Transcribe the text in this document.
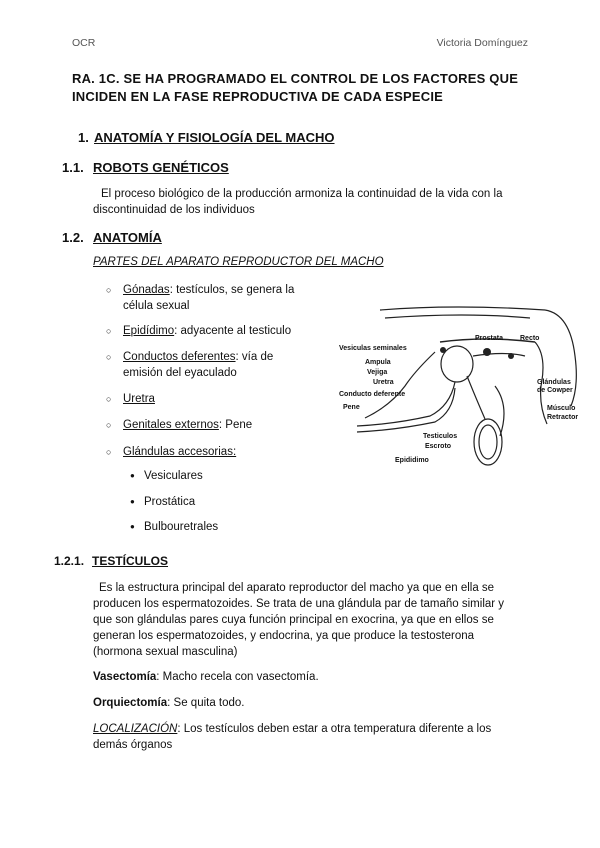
OCR	Victoria Domínguez
RA. 1C. SE HA PROGRAMADO EL CONTROL DE LOS FACTORES QUE INCIDEN EN LA FASE REPRODUCTIVA DE CADA ESPECIE
1. ANATOMÍA Y FISIOLOGÍA DEL MACHO
1.1. ROBOTS GENÉTICOS
El proceso biológico de la producción armoniza la continuidad de la vida con la discontinuidad de los individuos
1.2. ANATOMÍA
PARTES DEL APARATO REPRODUCTOR DEL MACHO
○ Gónadas: testículos, se genera la célula sexual
○ Epidídimo: adyacente al testiculo
○ Conductos deferentes: vía de emisión del eyaculado
○ Uretra
○ Genitales externos: Pene
○ Glándulas accesorias:
● Vesiculares
● Prostática
● Bulbouretrales
Vesiculas seminales
Prostata Recto
Ampula
Vejiga
Uretra
Conducto deferente
Pene
Testiculos
Escroto
Epididimo
Glándulas
de Cowper
Músculo
Retractor
1.2.1. TESTÍCULOS
Es la estructura principal del aparato reproductor del macho ya que en ella se producen los espermatozoides. Se trata de una glándula par de tamaño similar y que son glándulas pares cuya función principal en exocrina, ya que en ellos se generan los espermatozoides, y endocrina, ya que produce la testosterona (hormona sexual masculina)
Vasectomía: Macho recela con vasectomía.
Orquiectomía: Se quita todo.
LOCALIZACIÓN: Los testículos deben estar a otra temperatura diferente a los demás órganos
